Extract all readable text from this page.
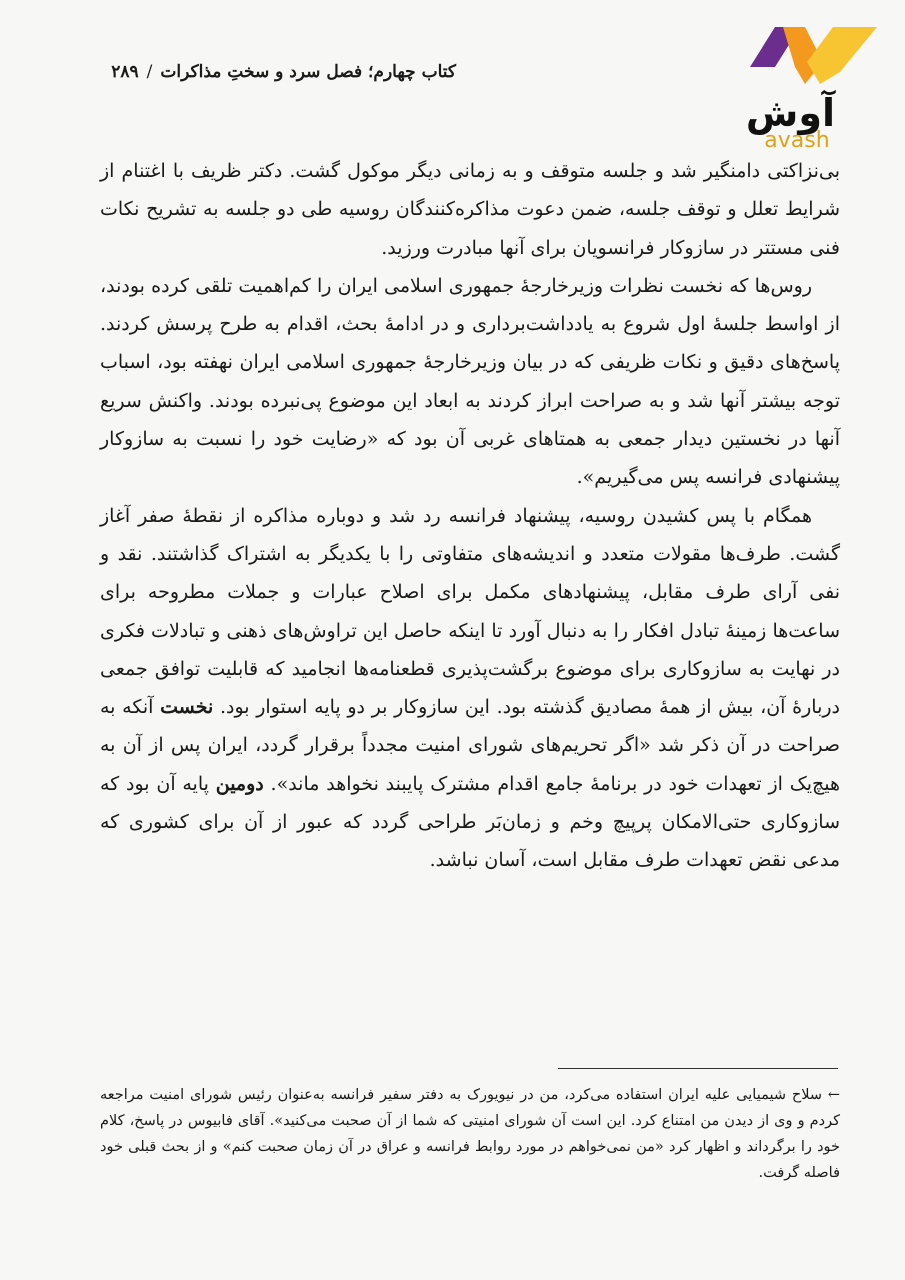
کتاب چهارم؛ فصل سرد و سختِ مذاکرات/۲۸۹
آوش
avash

بی‌نزاکتی دامنگیر شد و جلسه متوقف و به زمانی دیگر موکول گشت. دکتر ظریف با اغتنام از شرایط تعلل و توقف جلسه، ضمن دعوت مذاکره‌کنندگان روسیه طی دو جلسه به تشریح نکات فنی مستتر در سازوکار فرانسویان برای آنها مبادرت ورزید.

روس‌ها که نخست نظرات وزیرخارجهٔ جمهوری اسلامی ایران را کم‌اهمیت تلقی کرده بودند، از اواسط جلسهٔ اول شروع به یادداشت‌برداری و در ادامهٔ بحث، اقدام به طرح پرسش کردند. پاسخ‌های دقیق و نکات ظریفی که در بیان وزیرخارجهٔ جمهوری اسلامی ایران نهفته بود، اسباب توجه بیشتر آنها شد و به صراحت ابراز کردند به ابعاد این موضوع پی‌نبرده بودند. واکنش سریع آنها در نخستین دیدار جمعی به همتاهای غربی آن بود که «رضایت خود را نسبت به سازوکار پیشنهادی فرانسه پس می‌گیریم».

همگام با پس کشیدن روسیه، پیشنهاد فرانسه رد شد و دوباره مذاکره از نقطهٔ صفر آغاز گشت. طرف‌ها مقولات متعدد و اندیشه‌های متفاوتی را با یکدیگر به اشتراک گذاشتند. نقد و نفی آرای طرف مقابل، پیشنهادهای مکمل برای اصلاح عبارات و جملات مطروحه برای ساعت‌ها زمینهٔ تبادل افکار را به دنبال آورد تا اینکه حاصل این تراوش‌های ذهنی و تبادلات فکری در نهایت به سازوکاری برای موضوع برگشت‌پذیری قطعنامه‌ها انجامید که قابلیت توافق جمعی دربارهٔ آن، بیش از همهٔ مصادیق گذشته بود. این سازوکار بر دو پایه استوار بود. نخست آنکه به صراحت در آن ذکر شد «اگر تحریم‌های شورای امنیت مجدداً برقرار گردد، ایران پس از آن به هیچ‌یک از تعهدات خود در برنامهٔ جامع اقدام مشترک پایبند نخواهد ماند». دومین پایه آن بود که سازوکاری حتی‌الامکان پرپیچ وخم و زمان‌بَر طراحی گردد که عبور از آن برای کشوری که مدعی نقض تعهدات طرف مقابل است، آسان نباشد.

← سلاح شیمیایی علیه ایران استفاده می‌کرد، من در نیویورک به دفتر سفیر فرانسه به‌عنوان رئیس شورای امنیت مراجعه کردم و وی از دیدن من امتناع کرد. این است آن شورای امنیتی که شما از آن صحبت می‌کنید». آقای فابیوس در پاسخ، کلام خود را برگرداند و اظهار کرد «من نمی‌خواهم در مورد روابط فرانسه و عراق در آن زمان صحبت کنم» و از بحث قبلی خود فاصله گرفت.
